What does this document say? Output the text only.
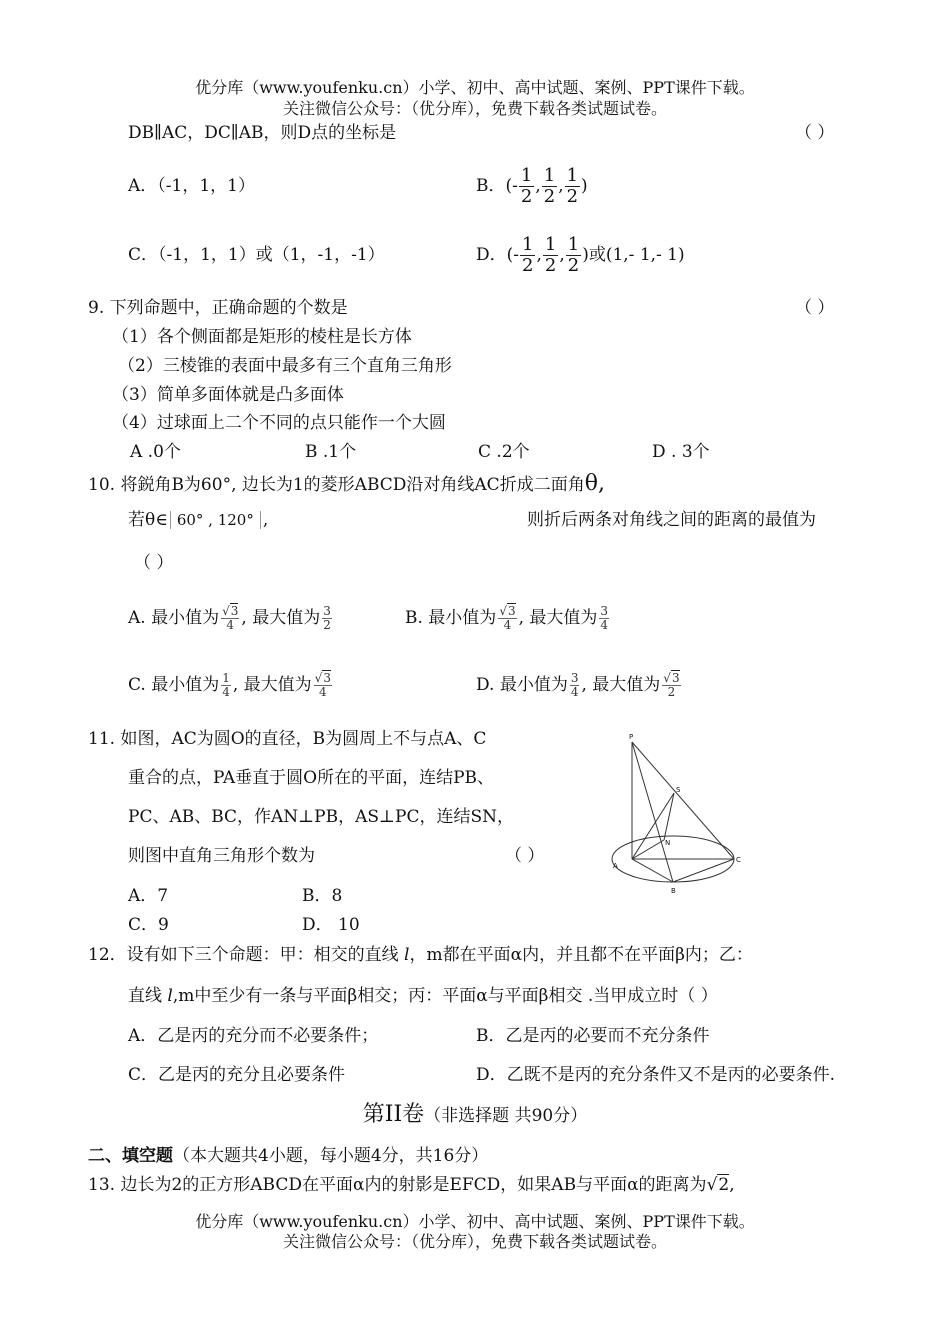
优分库（www.youfenku.cn）小学、初中、高中试题、案例、PPT课件下载。
关注微信公众号：（优分库），免费下载各类试题试卷。
DB∥AC，DC∥AB，则D点的坐标是	（ ）
A．（-1，1，1）	B．(- $\frac{1}{2}$ , $\frac{1}{2}$ , $\frac{1}{2}$ )
C．（-1，1，1）或（1，-1，-1）	D．(- $\frac{1}{2}$ , $\frac{1}{2}$ , $\frac{1}{2}$ )或(1,- 1,- 1)
9. 下列命题中，正确命题的个数是	（ ）
（1）各个侧面都是矩形的棱柱是长方体
（2）三棱锥的表面中最多有三个直角三角形
（3）简单多面体就是凸多面体
（4）过球面上二个不同的点只能作一个大圆
A .0个	B .1个	C .2个	D . 3个
10. 将鋭角B为60°, 边长为1的菱形ABCD沿对角线AC折成二面角θ,
若θ∈ 60° , 120° ,	则折后两条对角线之间的距离的最值为
（ ）
A. 最小值为 $\frac{√3}{4}$ , 最大值为 $\frac{3}{2}$	B. 最小值为 $\frac{√3}{4}$ , 最大值为 $\frac{3}{4}$
C. 最小值为 $\frac{1}{4}$ , 最大值为 $\frac{√3}{4}$	D. 最小值为 $\frac{3}{4}$ , 最大值为 $\frac{√3}{2}$
11. 如图，AC为圆O的直径，B为圆周上不与点A、C
重合的点，PA垂直于圆O所在的平面，连结PB、
PC、AB、BC，作AN⊥PB，AS⊥PC，连结SN，
则图中直角三角形个数为	（ ）
A．7	B．8
C．9	D． 10
P
S
N
A
B
C
12．设有如下三个命题：甲：相交的直线 l，m都在平面α内，并且都不在平面β内；乙：
直线 l,m中至少有一条与平面β相交；丙：平面α与平面β相交 .当甲成立时（ ）
A．乙是丙的充分而不必要条件；	B．乙是丙的必要而不充分条件
C．乙是丙的充分且必要条件	D．乙既不是丙的充分条件又不是丙的必要条件.
第II卷（非选择题 共90分）
二、填空题（本大题共4小题，每小题4分，共16分）
13. 边长为2的正方形ABCD在平面α内的射影是EFCD，如果AB与平面α的距离为√2,
优分库（www.youfenku.cn）小学、初中、高中试题、案例、PPT课件下载。
关注微信公众号：（优分库），免费下载各类试题试卷。
